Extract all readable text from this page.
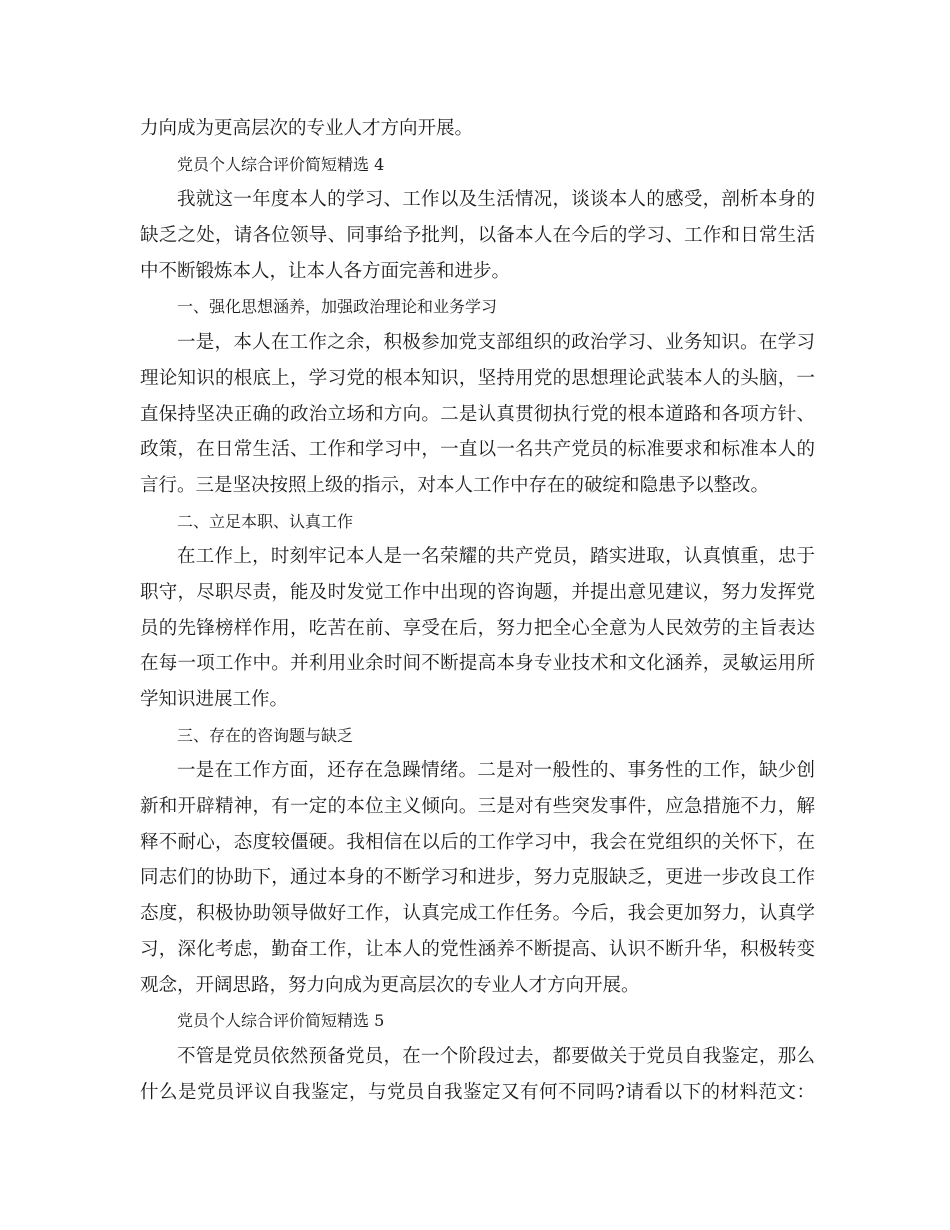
力向成为更高层次的专业人才方向开展。
党员个人综合评价简短精选 4
我就这一年度本人的学习、工作以及生活情况，谈谈本人的感受，剖析本身的
缺乏之处，请各位领导、同事给予批判，以备本人在今后的学习、工作和日常生活
中不断锻炼本人，让本人各方面完善和进步。
一、强化思想涵养，加强政治理论和业务学习
一是，本人在工作之余，积极参加党支部组织的政治学习、业务知识。在学习
理论知识的根底上，学习党的根本知识，坚持用党的思想理论武装本人的头脑，一
直保持坚决正确的政治立场和方向。二是认真贯彻执行党的根本道路和各项方针、
政策，在日常生活、工作和学习中，一直以一名共产党员的标准要求和标准本人的
言行。三是坚决按照上级的指示，对本人工作中存在的破绽和隐患予以整改。
二、立足本职、认真工作
在工作上，时刻牢记本人是一名荣耀的共产党员，踏实进取，认真慎重，忠于
职守，尽职尽责，能及时发觉工作中出现的咨询题，并提出意见建议，努力发挥党
员的先锋榜样作用，吃苦在前、享受在后，努力把全心全意为人民效劳的主旨表达
在每一项工作中。并利用业余时间不断提高本身专业技术和文化涵养，灵敏运用所
学知识进展工作。
三、存在的咨询题与缺乏
一是在工作方面，还存在急躁情绪。二是对一般性的、事务性的工作，缺少创
新和开辟精神，有一定的本位主义倾向。三是对有些突发事件，应急措施不力，解
释不耐心，态度较僵硬。我相信在以后的工作学习中，我会在党组织的关怀下，在
同志们的协助下，通过本身的不断学习和进步，努力克服缺乏，更进一步改良工作
态度，积极协助领导做好工作，认真完成工作任务。今后，我会更加努力，认真学
习，深化考虑，勤奋工作，让本人的党性涵养不断提高、认识不断升华，积极转变
观念，开阔思路，努力向成为更高层次的专业人才方向开展。
党员个人综合评价简短精选 5
不管是党员依然预备党员，在一个阶段过去，都要做关于党员自我鉴定，那么
什么是党员评议自我鉴定，与党员自我鉴定又有何不同吗?请看以下的材料范文：
